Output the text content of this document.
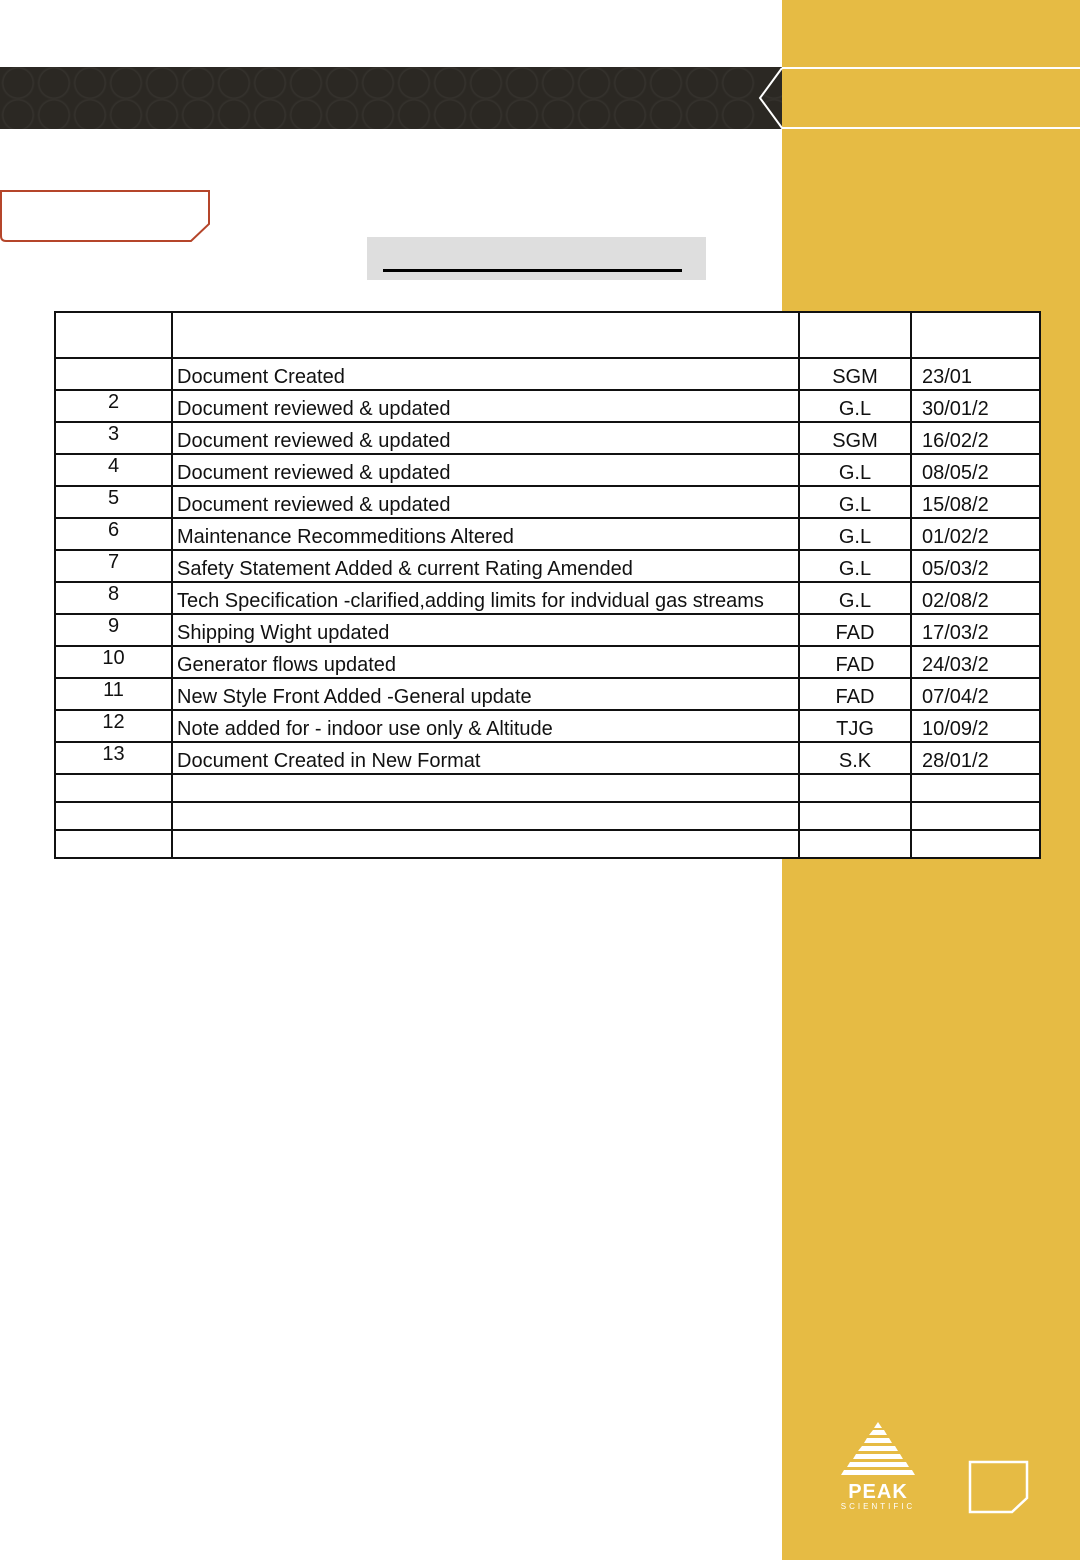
	Document Created	SGM	23/01
2	Document reviewed & updated	G.L	30/01/2
3	Document reviewed & updated	SGM	16/02/2
4	Document reviewed & updated	G.L	08/05/2
5	Document reviewed & updated	G.L	15/08/2
6	Maintenance Recommeditions Altered	G.L	01/02/2
7	Safety Statement Added & current Rating Amended	G.L	05/03/2
8	Tech Specification -clarified,adding limits for indvidual gas streams	G.L	02/08/2
9	Shipping Wight updated	FAD	17/03/2
10	Generator flows updated	FAD	24/03/2
11	New Style Front Added -General update	FAD	07/04/2
12	Note added for - indoor use only & Altitude	TJG	10/09/2
13	Document Created in New Format	S.K	28/01/2

PEAK
SCIENTIFIC
